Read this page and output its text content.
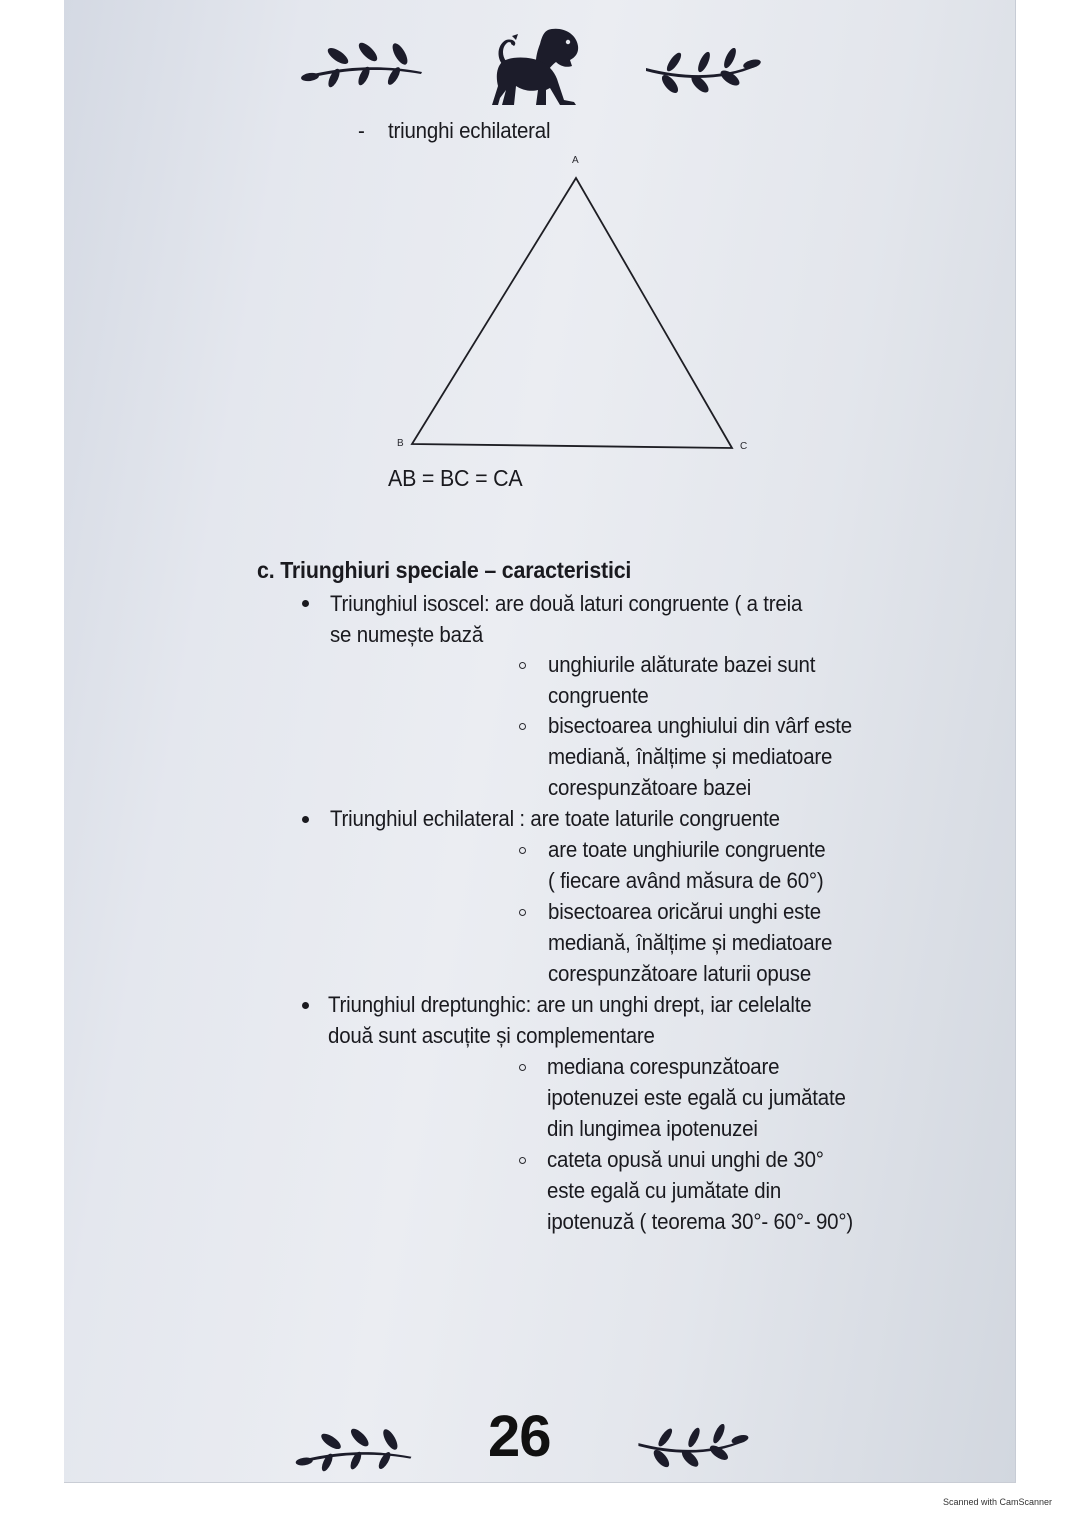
- triunghi echilateral
A
B	C
AB = BC = CA
c. Triunghiuri speciale – caracteristici
Triunghiul isoscel: are două laturi congruente ( a treia
se numește bază
unghiurile alăturate bazei sunt
congruente
bisectoarea unghiului din vârf este
mediană, înălțime și mediatoare
corespunzătoare bazei
Triunghiul echilateral : are toate laturile congruente
are toate unghiurile congruente
( fiecare având măsura de 60°)
bisectoarea oricărui unghi este
mediană, înălțime și mediatoare
corespunzătoare laturii opuse
Triunghiul dreptunghic: are un unghi drept, iar celelalte
două sunt ascuțite și complementare
mediana corespunzătoare
ipotenuzei este egală cu jumătate
din lungimea ipotenuzei
cateta opusă unui unghi de 30°
este egală cu jumătate din
ipotenuză ( teorema 30°- 60°- 90°)
26
Scanned with CamScanner
